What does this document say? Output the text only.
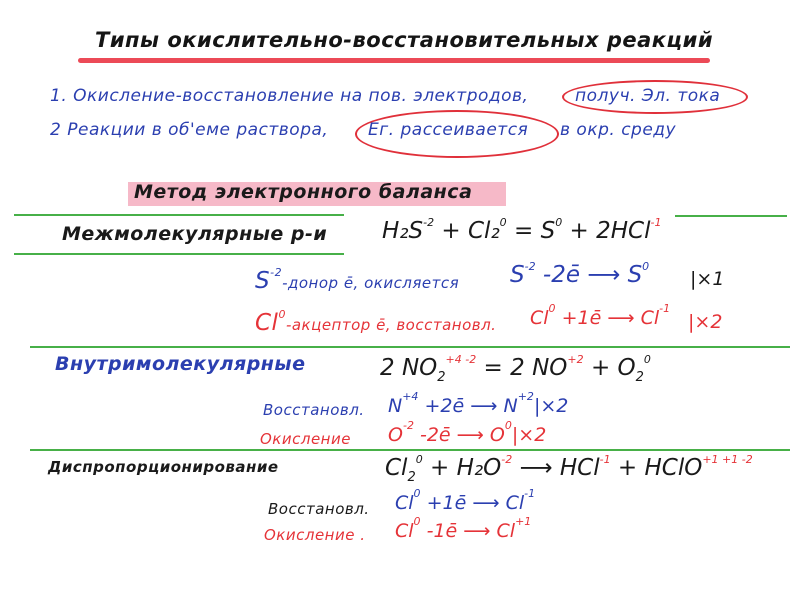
Типы окислительно-восстановительных реакций
1. Окисление-восстановление на пов. электродов,	получ. Эл. тока
2 Реакции в об'еме раствора, Eг. рассеивается в окр. среду
Метод электронного баланса
Межмолекулярные р-и $H_2S^{-2} + Cl_2^0 = S^0 + 2HCl^{-1}$
$S^{-2}$-донор ē, окисляется $S^{-2}$ -2ē ⟶ $S^0$
|×1
Cl$^0$-акцептор ē, восстановл. $Cl^0$ +1ē ⟶ $Cl^{-1}$
|×2
Внутримолекулярные	2 $NO_2^{+4 -2} = 2$ $NO^{+2} + O_2^0$
Восстановл. $N^{+4}$ +2ē ⟶ $N^{+2}|\times 2$
Окисление $O^{-2}$ -2ē ⟶ $O^0|\times 2$
Диспропорционирование	$Cl_2^0 + H_2O^{-2}$ ⟶ HCl$^{-1}$ + HClO$^{+1 +1 -2}$
Восстановл. $Cl^0$ +1ē ⟶ $Cl^{-1}$
Окисление . Cl$^0$ -1ē ⟶ $Cl^{+1}$
